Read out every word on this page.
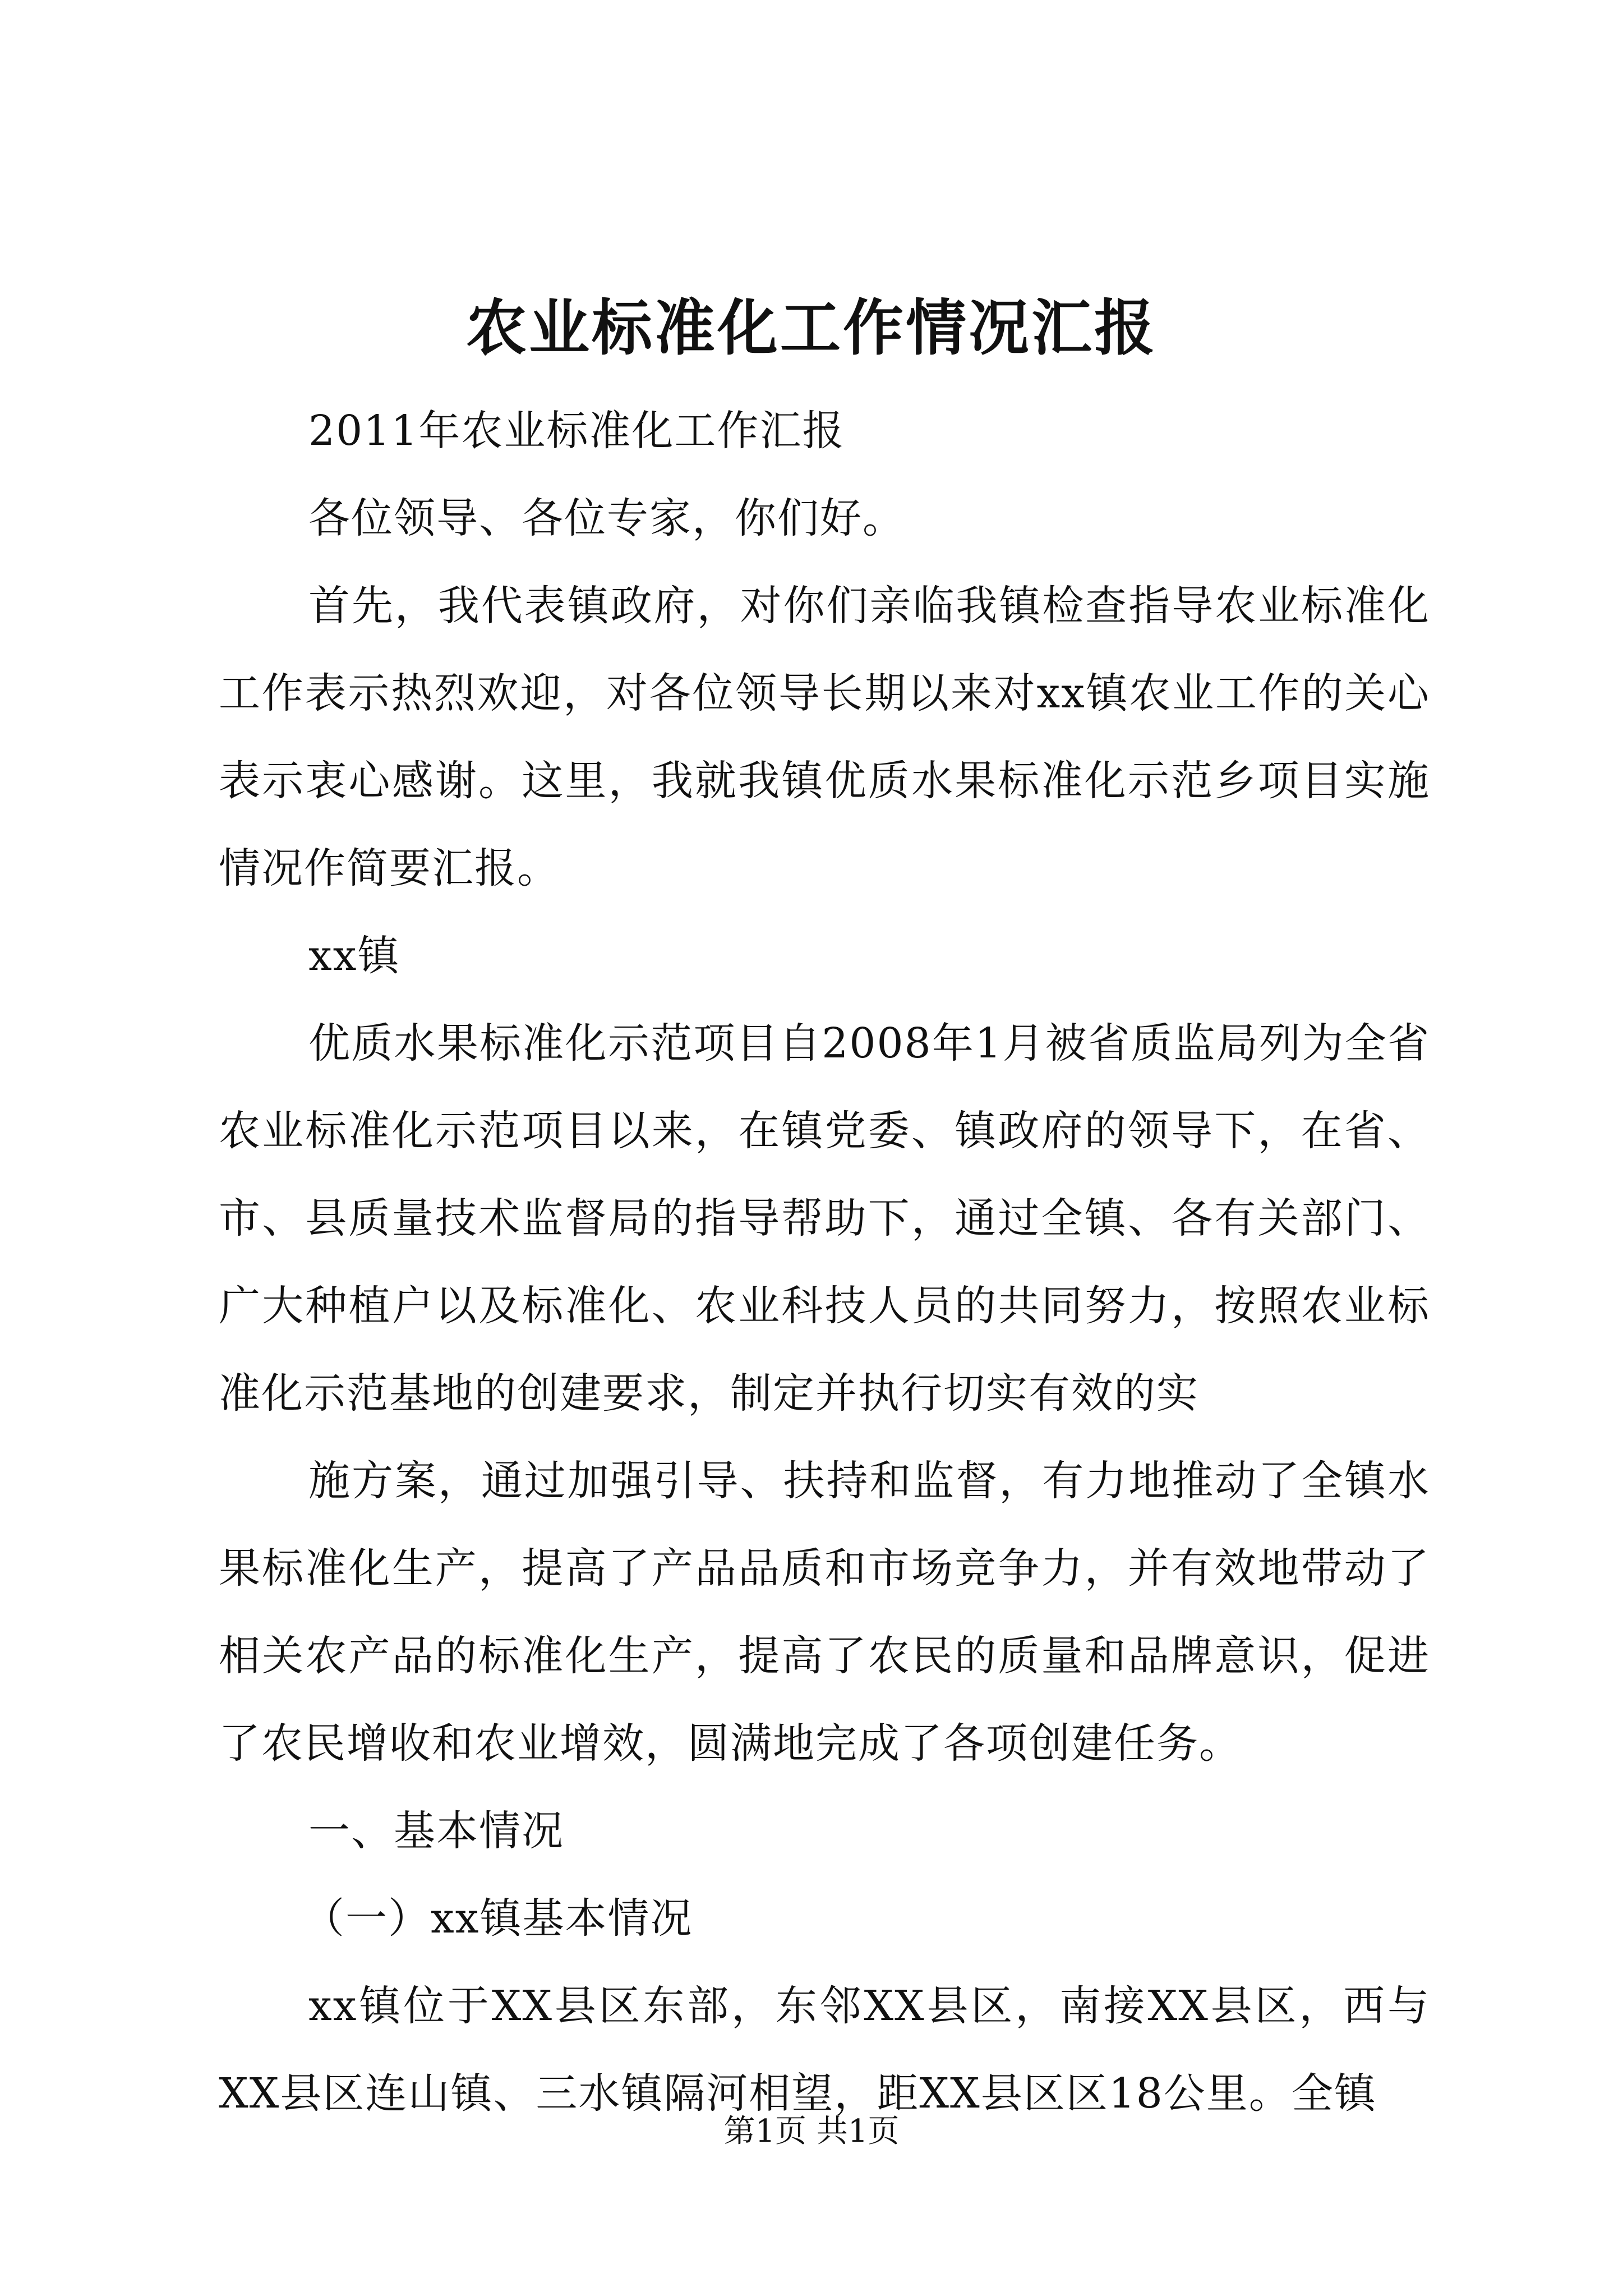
农业标准化工作情况汇报

2011年农业标准化工作汇报

各位领导、各位专家，你们好。

首先，我代表镇政府，对你们亲临我镇检查指导农业标准化工作表示热烈欢迎，对各位领导长期以来对xx镇农业工作的关心表示衷心感谢。这里，我就我镇优质水果标准化示范乡项目实施情况作简要汇报。

xx镇

优质水果标准化示范项目自2008年1月被省质监局列为全省农业标准化示范项目以来，在镇党委、镇政府的领导下，在省、市、县质量技术监督局的指导帮助下，通过全镇、各有关部门、广大种植户以及标准化、农业科技人员的共同努力，按照农业标准化示范基地的创建要求，制定并执行切实有效的实

施方案，通过加强引导、扶持和监督，有力地推动了全镇水果标准化生产，提高了产品品质和市场竞争力，并有效地带动了相关农产品的标准化生产，提高了农民的质量和品牌意识，促进了农民增收和农业增效，圆满地完成了各项创建任务。

一、基本情况

（一）xx镇基本情况

xx镇位于XX县区东部，东邻XX县区，南接XX县区，西与XX县区连山镇、三水镇隔河相望，距XX县区区18公里。全镇

第1页 共1页
